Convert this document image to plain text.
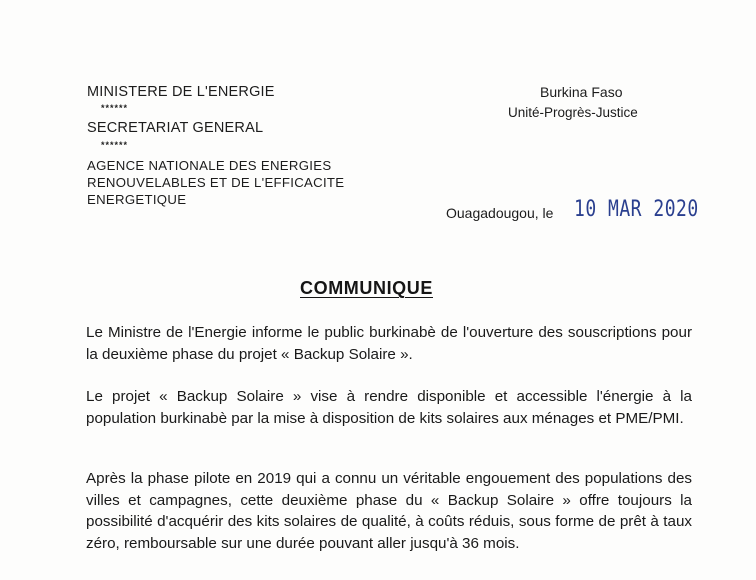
MINISTERE DE L'ENERGIE
******
SECRETARIAT GENERAL
******
AGENCE NATIONALE DES ENERGIES RENOUVELABLES ET DE L'EFFICACITE ENERGETIQUE
Burkina Faso
Unité-Progrès-Justice
Ouagadougou, le 10 MAR 2020
COMMUNIQUE
Le Ministre de l'Energie informe le public burkinabè de l'ouverture des souscriptions pour la deuxième phase du projet « Backup Solaire ».
Le projet « Backup Solaire » vise à rendre disponible et accessible l'énergie à la population burkinabè par la mise à disposition de kits solaires aux ménages et PME/PMI.
Après la phase pilote en 2019 qui a connu un véritable engouement des populations des villes et campagnes, cette deuxième phase du « Backup Solaire » offre toujours la possibilité d'acquérir des kits solaires de qualité, à coûts réduis, sous forme de prêt à taux zéro, remboursable sur une durée pouvant aller jusqu'à 36 mois.
